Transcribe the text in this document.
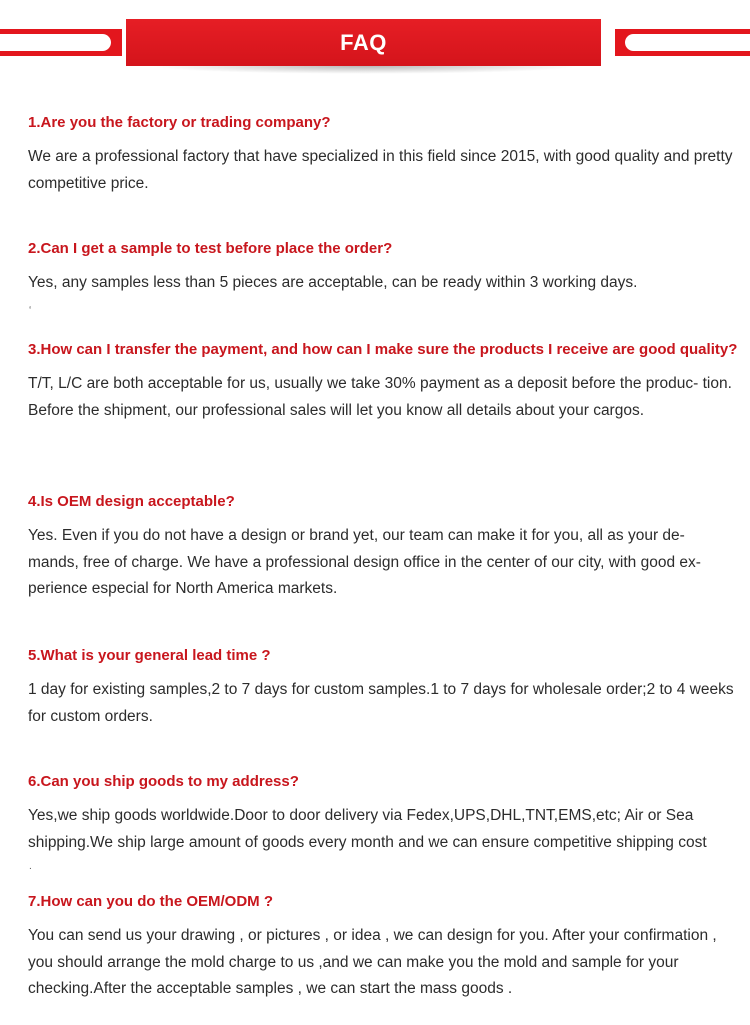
FAQ

1.Are you the factory or trading company?

We are a professional factory that have specialized in this field since 2015, with good quality and pretty competitive price.

2.Can I get a sample to test before place the order?

Yes, any samples less than 5 pieces are acceptable, can be ready within 3 working days.

‘

3.How can I transfer the payment, and how can I make sure the products I receive are good quality?

T/T, L/C are both acceptable for us, usually we take 30% payment as a deposit before the produc- tion. Before the shipment, our professional sales will let you know all details about your cargos.

4.Is OEM design acceptable?

Yes. Even if you do not have a design or brand yet, our team can make it for you, all as your de- mands, free of charge. We have a professional design office in the center of our city, with good ex- perience especial for North America markets.

5.What is your general lead time ?

1 day for existing samples,2 to 7 days for custom samples.1 to 7 days for wholesale order;2 to 4 weeks for custom orders.

6.Can you ship goods to my address?

Yes,we ship goods worldwide.Door to door delivery via Fedex,UPS,DHL,TNT,EMS,etc; Air or Sea shipping.We ship large amount of goods every month and we can ensure competitive shipping cost

.

7.How can you do the OEM/ODM ?

You can send us your drawing , or pictures , or idea , we can design for you. After your confirmation , you should arrange the mold charge to us ,and we can make you the mold and sample for your checking.After the acceptable samples , we can start the mass goods .
